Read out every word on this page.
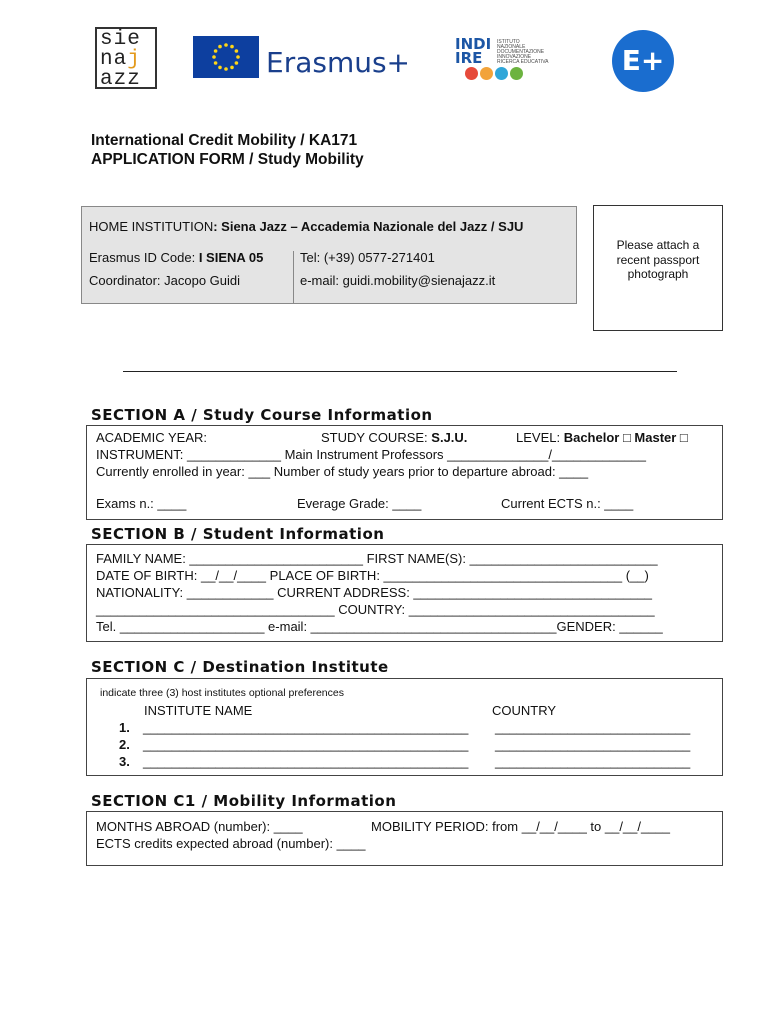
sie
naj
azz
Erasmus+
INDI
IRE
ISTITUTO
NAZIONALE
DOCUMENTAZIONE
INNOVAZIONE
RICERCA EDUCATIVA	E+
International Credit Mobility / KA171
APPLICATION FORM / Study Mobility
HOME INSTITUTION: Siena Jazz – Accademia Nazionale del Jazz / SJU
Erasmus ID Code: I SIENA 05	Tel: (+39) 0577-271401
Coordinator: Jacopo Guidi	e-mail: guidi.mobility@sienajazz.it
Please attach a recent passport photograph
SECTION A / Study Course Information
ACADEMIC YEAR:	STUDY COURSE: S.J.U.	LEVEL: Bachelor □ Master □
INSTRUMENT: _____________ Main Instrument Professors ______________/_____________
Currently enrolled in year: ___ Number of study years prior to departure abroad: ____
Exams n.: ____	Everage Grade: ____	Current ECTS n.: ____
SECTION B / Student Information
FAMILY NAME: ________________________ FIRST NAME(S): __________________________
DATE OF BIRTH: __/__/____ PLACE OF BIRTH: _________________________________ (__)
NATIONALITY: ____________ CURRENT ADDRESS: _________________________________
_________________________________ COUNTRY: __________________________________
Tel. ____________________ e-mail: __________________________________GENDER: ______
SECTION C / Destination Institute
indicate three (3) host institutes optional preferences
INSTITUTE NAME	COUNTRY
1. _____________________________________________ ___________________________
2. _____________________________________________ ___________________________
3. _____________________________________________ ___________________________
SECTION C1 / Mobility Information
MONTHS ABROAD (number): ____	MOBILITY PERIOD: from __/__/____ to __/__/____
ECTS credits expected abroad (number): ____
